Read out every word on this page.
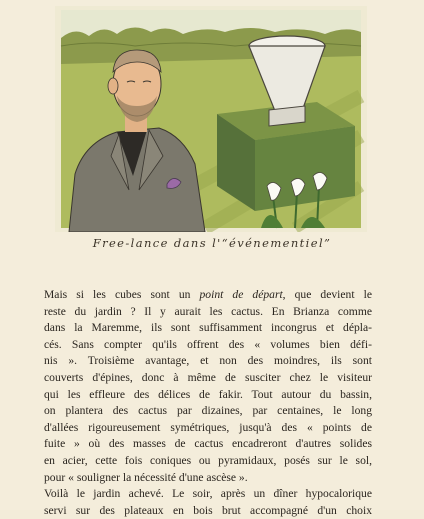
Free-lance dans l'“événementiel”
Mais si les cubes sont un point de départ, que devient le
reste du jardin ? Il y aurait les cactus. En Brianza comme
dans la Maremme, ils sont suffisamment incongrus et dépla-
cés. Sans compter qu'ils offrent des « volumes bien défi-
nis ». Troisième avantage, et non des moindres, ils sont
couverts d'épines, donc à même de susciter chez le visiteur
qui les effleure des délices de fakir. Tout autour du bassin,
on plantera des cactus par dizaines, par centaines, le long
d'allées rigoureusement symétriques, jusqu'à des « points de
fuite » où des masses de cactus encadreront d'autres solides
en acier, cette fois coniques ou pyramidaux, posés sur le sol,
pour « souligner la nécessité d'une ascèse ».
Voilà le jardin achevé. Le soir, après un dîner hypocalorique
servi sur des plateaux en bois brut accompagné d'un choix
